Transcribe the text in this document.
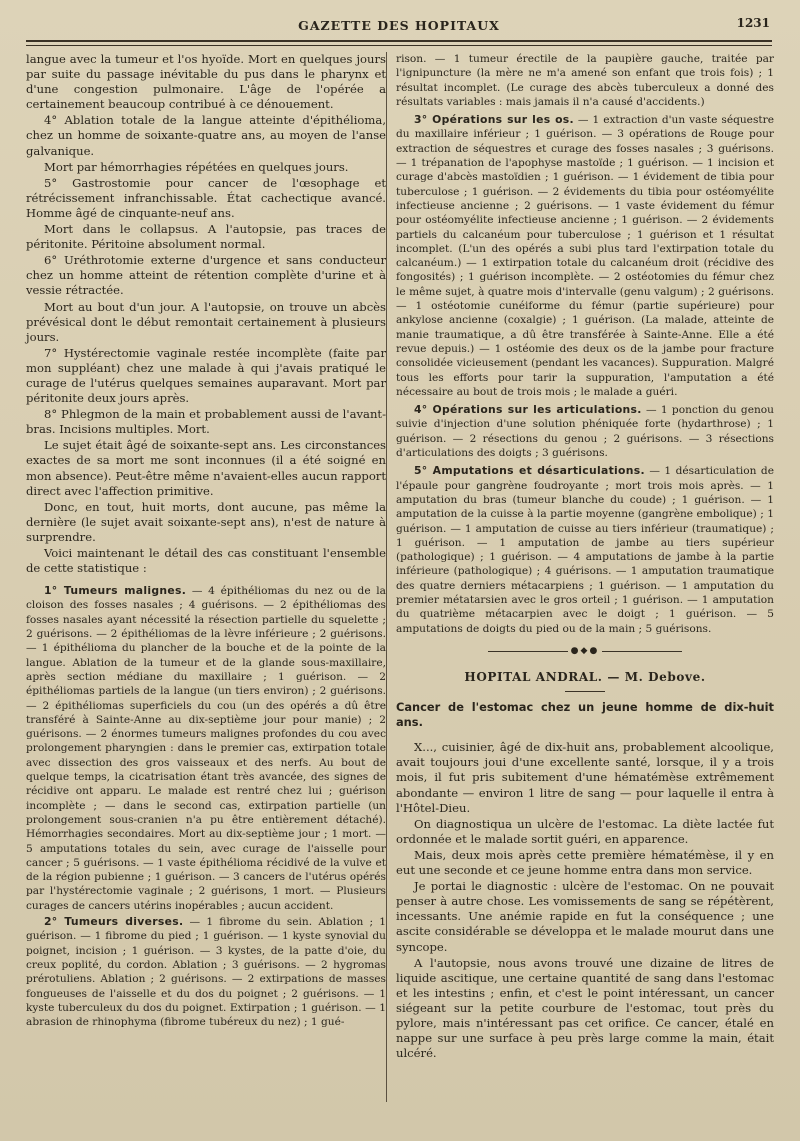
GAZETTE DES HOPITAUX	1231

langue avec la tumeur et l'os hyoïde. Mort en quelques jours par suite du passage inévitable du pus dans le pharynx et d'une congestion pulmonaire. L'âge de l'opérée a certainement beaucoup contribué à ce dénouement.

4° Ablation totale de la langue atteinte d'épithélioma, chez un homme de soixante-quatre ans, au moyen de l'anse galvanique.

Mort par hémorrhagies répétées en quelques jours.

5° Gastrostomie pour cancer de l'œsophage et rétrécissement infranchissable. État cachectique avancé. Homme âgé de cinquante-neuf ans.

Mort dans le collapsus. A l'autopsie, pas traces de péritonite. Péritoine absolument normal.

6° Uréthrotomie externe d'urgence et sans conducteur chez un homme atteint de rétention complète d'urine et à vessie rétractée.

Mort au bout d'un jour. A l'autopsie, on trouve un abcès prévésical dont le début remontait certainement à plusieurs jours.

7° Hystérectomie vaginale restée incomplète (faite par mon suppléant) chez une malade à qui j'avais pratiqué le curage de l'utérus quelques semaines auparavant. Mort par péritonite deux jours après.

8° Phlegmon de la main et probablement aussi de l'avant-bras. Incisions multiples. Mort.

Le sujet était âgé de soixante-sept ans. Les circonstances exactes de sa mort me sont inconnues (il a été soigné en mon absence). Peut-être même n'avaient-elles aucun rapport direct avec l'affection primitive.

Donc, en tout, huit morts, dont aucune, pas même la dernière (le sujet avait soixante-sept ans), n'est de nature à surprendre.

Voici maintenant le détail des cas constituant l'ensemble de cette statistique :

1° Tumeurs malignes. — 4 épithéliomas du nez ou de la cloison des fosses nasales ; 4 guérisons. — 2 épithéliomas des fosses nasales ayant nécessité la résection partielle du squelette ; 2 guérisons. — 2 épithéliomas de la lèvre inférieure ; 2 guérisons. — 1 épithélioma du plancher de la bouche et de la pointe de la langue. Ablation de la tumeur et de la glande sous-maxillaire, après section médiane du maxillaire ; 1 guérison. — 2 épithéliomas partiels de la langue (un tiers environ) ; 2 guérisons. — 2 épithéliomas superficiels du cou (un des opérés a dû être transféré à Sainte-Anne au dix-septième jour pour manie) ; 2 guérisons. — 2 énormes tumeurs malignes profondes du cou avec prolongement pharyngien : dans le premier cas, extirpation totale avec dissection des gros vaisseaux et des nerfs. Au bout de quelque temps, la cicatrisation étant très avancée, des signes de récidive ont apparu. Le malade est rentré chez lui ; guérison incomplète ; — dans le second cas, extirpation partielle (un prolongement sous-cranien n'a pu être entièrement détaché). Hémorrhagies secondaires. Mort au dix-septième jour ; 1 mort. — 5 amputations totales du sein, avec curage de l'aisselle pour cancer ; 5 guérisons. — 1 vaste épithélioma récidivé de la vulve et de la région pubienne ; 1 guérison. — 3 cancers de l'utérus opérés par l'hystérectomie vaginale ; 2 guérisons, 1 mort. — Plusieurs curages de cancers utérins inopérables ; aucun accident.

2° Tumeurs diverses. — 1 fibrome du sein. Ablation ; 1 guérison. — 1 fibrome du pied ; 1 guérison. — 1 kyste synovial du poignet, incision ; 1 guérison. — 3 kystes, de la patte d'oie, du creux poplité, du cordon. Ablation ; 3 guérisons. — 2 hygromas prérotuliens. Ablation ; 2 guérisons. — 2 extirpations de masses fongueuses de l'aisselle et du dos du poignet ; 2 guérisons. — 1 kyste tuberculeux du dos du poignet. Extirpation ; 1 guérison. — 1 abrasion de rhinophyma (fibrome tubéreux du nez) ; 1 gué-

rison. — 1 tumeur érectile de la paupière gauche, traitée par l'ignipuncture (la mère ne m'a amené son enfant que trois fois) ; 1 résultat incomplet. (Le curage des abcès tuberculeux a donné des résultats variables : mais jamais il n'a causé d'accidents.)

3° Opérations sur les os. — 1 extraction d'un vaste séquestre du maxillaire inférieur ; 1 guérison. — 3 opérations de Rouge pour extraction de séquestres et curage des fosses nasales ; 3 guérisons. — 1 trépanation de l'apophyse mastoïde ; 1 guérison. — 1 incision et curage d'abcès mastoïdien ; 1 guérison. — 1 évidement de tibia pour tuberculose ; 1 guérison. — 2 évidements du tibia pour ostéomyélite infectieuse ancienne ; 2 guérisons. — 1 vaste évidement du fémur pour ostéomyélite infectieuse ancienne ; 1 guérison. — 2 évidements partiels du calcanéum pour tuberculose ; 1 guérison et 1 résultat incomplet. (L'un des opérés a subi plus tard l'extirpation totale du calcanéum.) — 1 extirpation totale du calcanéum droit (récidive des fongosités) ; 1 guérison incomplète. — 2 ostéotomies du fémur chez le même sujet, à quatre mois d'intervalle (genu valgum) ; 2 guérisons. — 1 ostéotomie cunéiforme du fémur (partie supérieure) pour ankylose ancienne (coxalgie) ; 1 guérison. (La malade, atteinte de manie traumatique, a dû être transférée à Sainte-Anne. Elle a été revue depuis.) — 1 ostéomie des deux os de la jambe pour fracture consolidée vicieusement (pendant les vacances). Suppuration. Malgré tous les efforts pour tarir la suppuration, l'amputation a été nécessaire au bout de trois mois ; le malade a guéri.

4° Opérations sur les articulations. — 1 ponction du genou suivie d'injection d'une solution phéniquée forte (hydarthrose) ; 1 guérison. — 2 résections du genou ; 2 guérisons. — 3 résections d'articulations des doigts ; 3 guérisons.

5° Amputations et désarticulations. — 1 désarticulation de l'épaule pour gangrène foudroyante ; mort trois mois après. — 1 amputation du bras (tumeur blanche du coude) ; 1 guérison. — 1 amputation de la cuisse à la partie moyenne (gangrène embolique) ; 1 guérison. — 1 amputation de cuisse au tiers inférieur (traumatique) ; 1 guérison. — 1 amputation de jambe au tiers supérieur (pathologique) ; 1 guérison. — 4 amputations de jambe à la partie inférieure (pathologique) ; 4 guérisons. — 1 amputation traumatique des quatre derniers métacarpiens ; 1 guérison. — 1 amputation du premier métatarsien avec le gros orteil ; 1 guérison. — 1 amputation du quatrième métacarpien avec le doigt ; 1 guérison. — 5 amputations de doigts du pied ou de la main ; 5 guérisons.

●◆●

HOPITAL ANDRAL. — M. Debove.

Cancer de l'estomac chez un jeune homme de dix-huit ans.

X..., cuisinier, âgé de dix-huit ans, probablement alcoolique, avait toujours joui d'une excellente santé, lorsque, il y a trois mois, il fut pris subitement d'une hématémèse extrêmement abondante — environ 1 litre de sang — pour laquelle il entra à l'Hôtel-Dieu.

On diagnostiqua un ulcère de l'estomac. La diète lactée fut ordonnée et le malade sortit guéri, en apparence.

Mais, deux mois après cette première hématémèse, il y en eut une seconde et ce jeune homme entra dans mon service.

Je portai le diagnostic : ulcère de l'estomac. On ne pouvait penser à autre chose. Les vomissements de sang se répétèrent, incessants. Une anémie rapide en fut la conséquence ; une ascite considérable se développa et le malade mourut dans une syncope.

A l'autopsie, nous avons trouvé une dizaine de litres de liquide ascitique, une certaine quantité de sang dans l'estomac et les intestins ; enfin, et c'est le point intéressant, un cancer siégeant sur la petite courbure de l'estomac, tout près du pylore, mais n'intéressant pas cet orifice. Ce cancer, étalé en nappe sur une surface à peu près large comme la main, était ulcéré.
